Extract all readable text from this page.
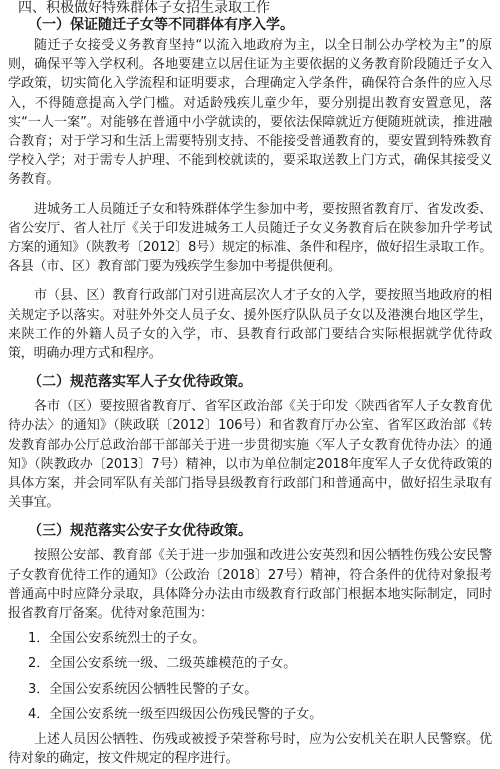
四、积极做好特殊群体子女招生录取工作
（一）保证随迁子女等不同群体有序入学。

随迁子女接受义务教育坚持“以流入地政府为主，以全日制公办学校为主”的原则，确保平等入学权利。各地要建立以居住证为主要依据的义务教育阶段随迁子女入学政策，切实简化入学流程和证明要求，合理确定入学条件，确保符合条件的应入尽入，不得随意提高入学门槛。对适龄残疾儿童少年，要分别提出教育安置意见，落实“一人一案”。对能够在普通中小学就读的，要依法保障就近方便随班就读，推进融合教育；对于学习和生活上需要特别支持、不能接受普通教育的，要安置到特殊教育学校入学；对于需专人护理、不能到校就读的，要采取送教上门方式，确保其接受义务教育。

进城务工人员随迁子女和特殊群体学生参加中考，要按照省教育厅、省发改委、省公安厅、省人社厅《关于印发进城务工人员随迁子女义务教育后在陕参加升学考试方案的通知》（陕教考〔2012〕8号）规定的标准、条件和程序，做好招生录取工作。各县（市、区）教育部门要为残疾学生参加中考提供便利。

市（县、区）教育行政部门对引进高层次人才子女的入学，要按照当地政府的相关规定予以落实。对驻外外交人员子女、援外医疗队队员子女以及港澳台地区学生，来陕工作的外籍人员子女的入学，市、县教育行政部门要结合实际根据就学优待政策，明确办理方式和程序。

（二）规范落实军人子女优待政策。

各市（区）要按照省教育厅、省军区政治部《关于印发〈陕西省军人子女教育优待办法〉的通知》（陕政联〔2012〕106号）和省教育厅办公室、省军区政治部《转发教育部办公厅总政治部干部部关于进一步贯彻实施〈军人子女教育优待办法〉的通知》（陕教政办〔2013〕7号）精神，以市为单位制定2018年度军人子女优待政策的具体方案，并会同军队有关部门指导县级教育行政部门和普通高中，做好招生录取有关事宜。

（三）规范落实公安子女优待政策。

按照公安部、教育部《关于进一步加强和改进公安英烈和因公牺牲伤残公安民警子女教育优待工作的通知》（公政治〔2018〕27号）精神，符合条件的优待对象报考普通高中时应降分录取，具体降分办法由市级教育行政部门根据本地实际制定，同时报省教育厅备案。优待对象范围为：

1．全国公安系统烈士的子女。

2．全国公安系统一级、二级英雄模范的子女。

3．全国公安系统因公牺牲民警的子女。

4．全国公安系统一级至四级因公伤残民警的子女。

上述人员因公牺牲、伤残或被授予荣誉称号时，应为公安机关在职人民警察。优待对象的确定，按文件规定的程序进行。
